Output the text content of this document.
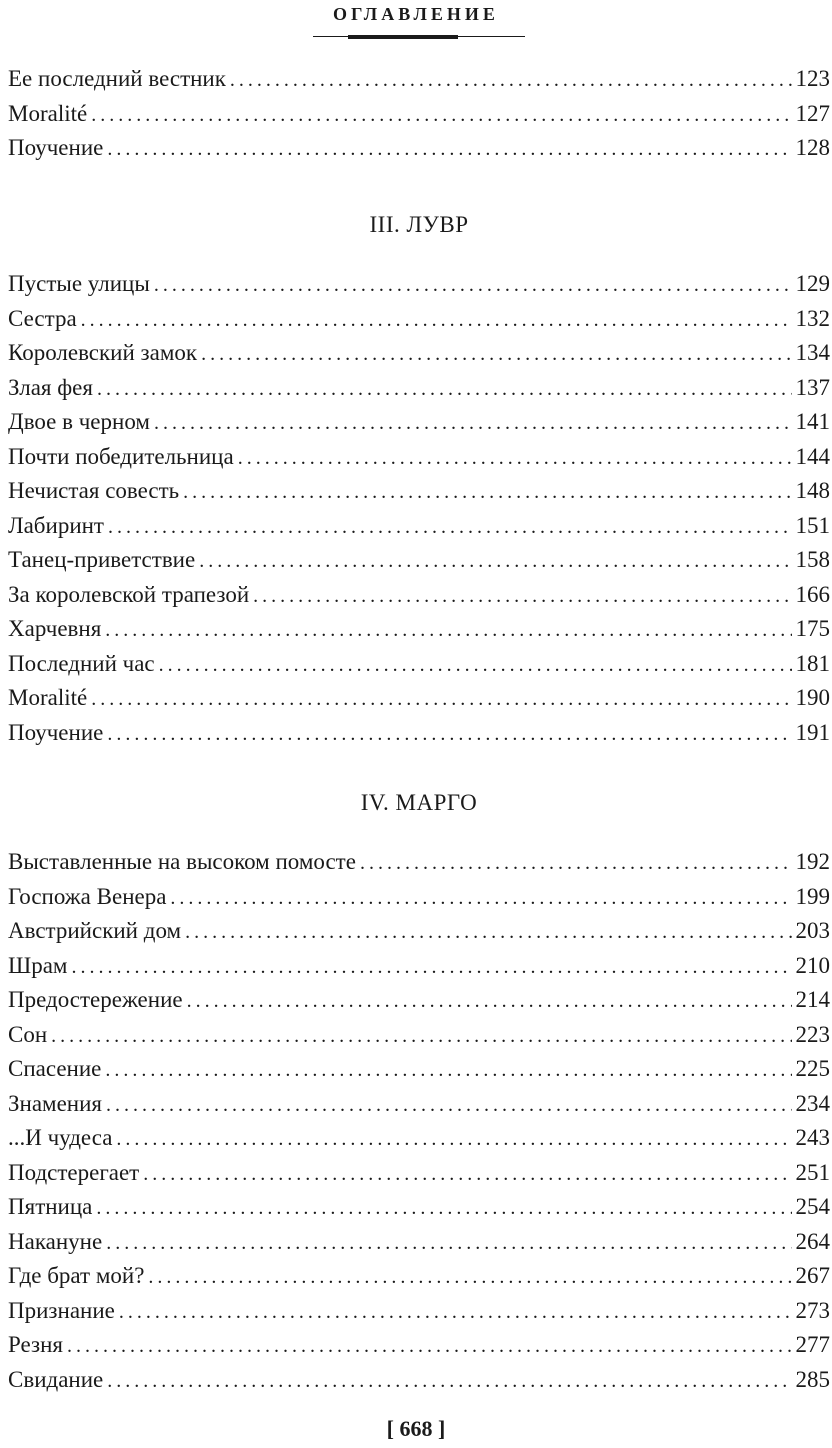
ОГЛАВЛЕНИЕ
Ее последний вестник . . .	123
Moralité . . .	127
Поучение . . .	128
III. ЛУВР
Пустые улицы . . .	129
Сестра . . .	132
Королевский замок . . .	134
Злая фея . . .	137
Двое в черном . . .	141
Почти победительница . . .	144
Нечистая совесть . . .	148
Лабиринт . . .	151
Танец-приветствие . . .	158
За королевской трапезой . . .	166
Харчевня . . .	175
Последний час . . .	181
Moralité . . .	190
Поучение . . .	191
IV. МАРГО
Выставленные на высоком помосте . . .	192
Госпожа Венера . . .	199
Австрийский дом . . .	203
Шрам . . .	210
Предостережение . . .	214
Сон . . .	223
Спасение . . .	225
Знамения . . .	234
...И чудеса . . .	243
Подстерегает . . .	251
Пятница . . .	254
Накануне . . .	264
Где брат мой? . . .	267
Признание . . .	273
Резня . . .	277
Свидание . . .	285
[ 668 ]
